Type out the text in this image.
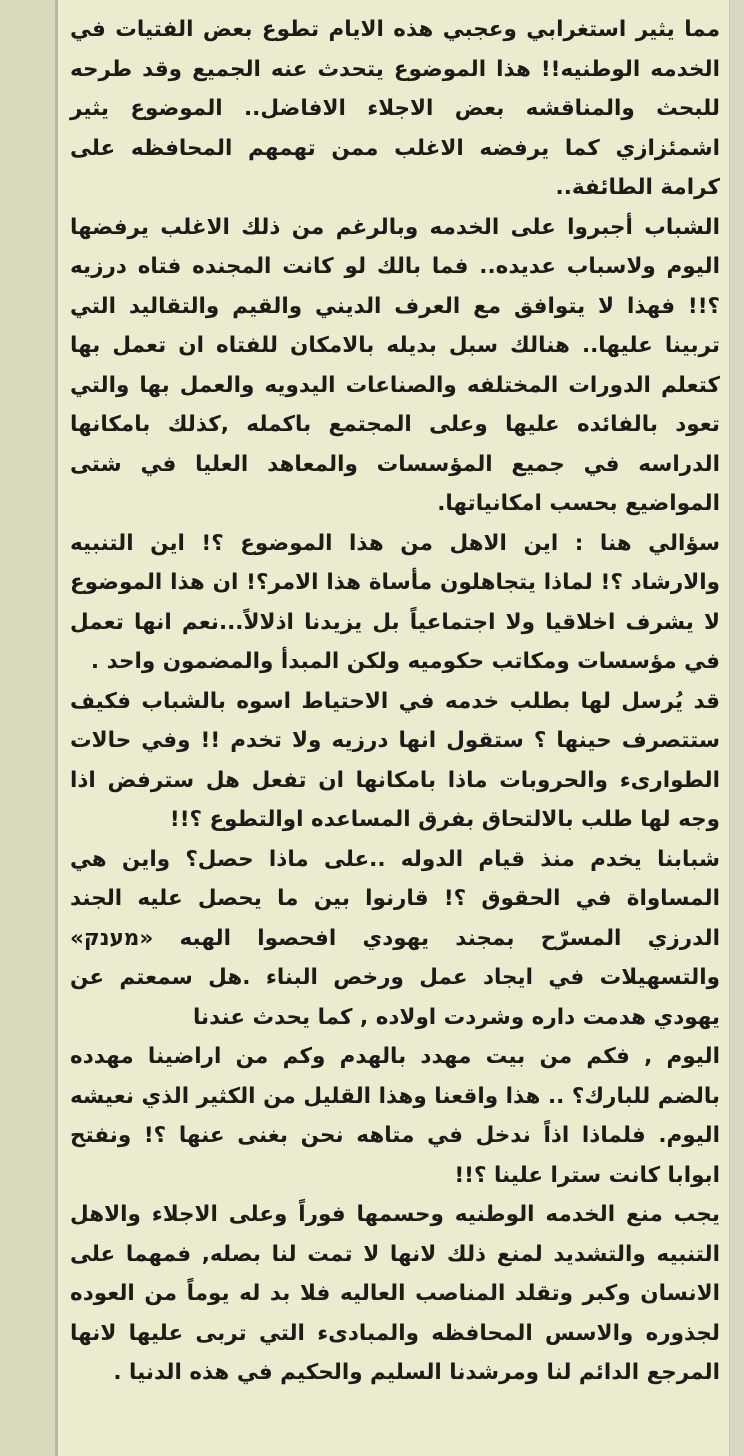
مما يثير استغرابي وعجبي هذه الايام تطوع بعض الفتيات في الخدمه الوطنيه!! هذا الموضوع يتحدث عنه الجميع وقد طرحه للبحث والمناقشه بعض الاجلاء الافاضل.. الموضوع يثير اشمئزازي كما يرفضه الاغلب ممن تهمهم المحافظه على كرامة الطائفة..

الشباب أجبروا على الخدمه وبالرغم من ذلك الاغلب يرفضها اليوم ولاسباب عديده.. فما بالك لو كانت المجنده فتاه درزيه ؟!! فهذا لا يتوافق مع العرف الديني والقيم والتقاليد التي تربينا عليها.. هنالك سبل بديله بالامكان للفتاه ان تعمل بها كتعلم الدورات المختلفه والصناعات اليدويه والعمل بها والتي تعود بالفائده عليها وعلى المجتمع باكمله ,كذلك بامكانها الدراسه في جميع المؤسسات والمعاهد العليا في شتى المواضيع بحسب امكانياتها.

سؤالي هنا : اين الاهل من هذا الموضوع ؟! اين التنبيه والارشاد ؟! لماذا يتجاهلون مأساة هذا الامر؟! ان هذا الموضوع لا يشرف اخلاقيا ولا اجتماعياً بل يزيدنا اذلالاً...نعم انها تعمل في مؤسسات ومكاتب حكوميه ولكن المبدأ والمضمون واحد .

قد يُرسل لها بطلب خدمه في الاحتياط اسوه بالشباب فكيف ستتصرف حينها ؟ ستقول انها درزيه ولا تخدم !! وفي حالات الطوارىء والحروبات ماذا بامكانها ان تفعل هل سترفض اذا وجه لها طلب بالالتحاق بفرق المساعده اوالتطوع ؟!!

شبابنا يخدم منذ قيام الدوله ..على ماذا حصل؟ واين هي المساواة في الحقوق ؟! قارنوا بين ما يحصل عليه الجند الدرزي المسرّح بمجند يهودي افحصوا الهبه «מענק» والتسهيلات في ايجاد عمل ورخص البناء .هل سمعتم عن يهودي هدمت داره وشردت اولاده , كما يحدث عندنا

اليوم , فكم من بيت مهدد بالهدم وكم من اراضينا مهدده بالضم للبارك؟ .. هذا واقعنا وهذا القليل من الكثير الذي نعيشه اليوم. فلماذا اذاً ندخل في متاهه نحن بغنى عنها ؟! ونفتح ابوابا كانت سترا علينا ؟!!

يجب منع الخدمه الوطنيه وحسمها فوراً وعلى الاجلاء والاهل التنبيه والتشديد لمنع ذلك لانها لا تمت لنا بصله, فمهما على الانسان وكبر وتقلد المناصب العاليه فلا بد له يوماً من العوده لجذوره والاسس المحافظه والمبادىء التي تربى عليها لانها المرجع الدائم لنا ومرشدنا السليم والحكيم في هذه الدنيا .
